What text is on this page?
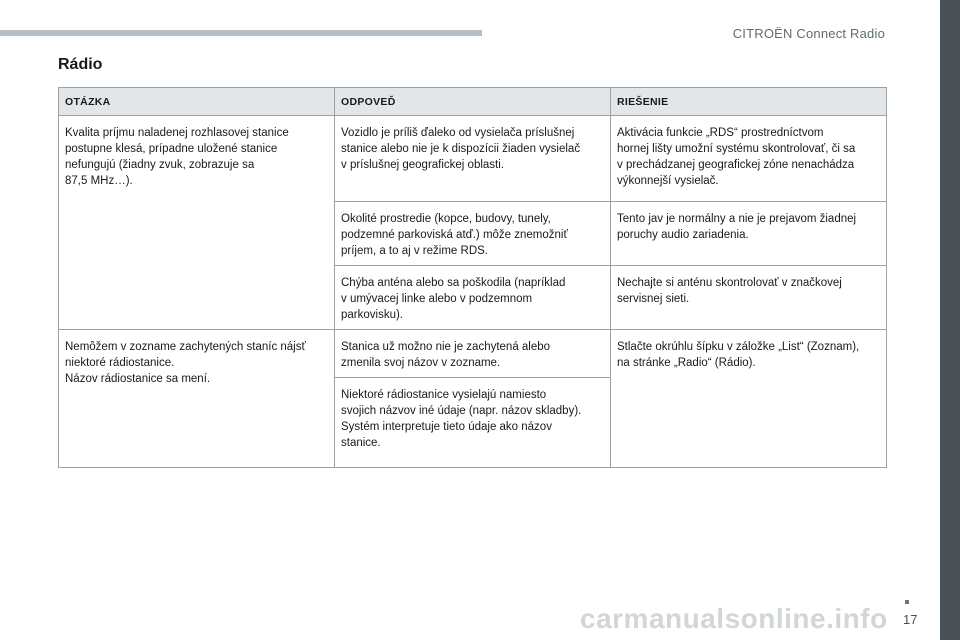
CITROËN Connect Radio
Rádio
OTÁZKA	ODPOVEĎ	RIEŠENIE
Kvalita príjmu naladenej rozhlasovej stanice
postupne klesá, prípadne uložené stanice
nefungujú (žiadny zvuk, zobrazuje sa
87,5 MHz…).	Vozidlo je príliš ďaleko od vysielača príslušnej
stanice alebo nie je k dispozícii žiaden vysielač
v príslušnej geografickej oblasti.	Aktivácia funkcie „RDS“ prostredníctvom
hornej lišty umožní systému skontrolovať, či sa
v prechádzanej geografickej zóne nenachádza
výkonnejší vysielač.
	Okolité prostredie (kopce, budovy, tunely,
podzemné parkoviská atď.) môže znemožniť
príjem, a to aj v režime RDS.	Tento jav je normálny a nie je prejavom žiadnej
poruchy audio zariadenia.
	Chýba anténa alebo sa poškodila (napríklad
v umývacej linke alebo v podzemnom
parkovisku).	Nechajte si anténu skontrolovať v značkovej
servisnej sieti.
Nemôžem v zozname zachytených staníc nájsť
niektoré rádiostanice.
Názov rádiostanice sa mení.	Stanica už možno nie je zachytená alebo
zmenila svoj názov v zozname.	Stlačte okrúhlu šípku v záložke „List“ (Zoznam),
na stránke „Radio“ (Rádio).
	Niektoré rádiostanice vysielajú namiesto
svojich názvov iné údaje (napr. názov skladby).
Systém interpretuje tieto údaje ako názov
stanice.	
carmanualsonline.info 17
